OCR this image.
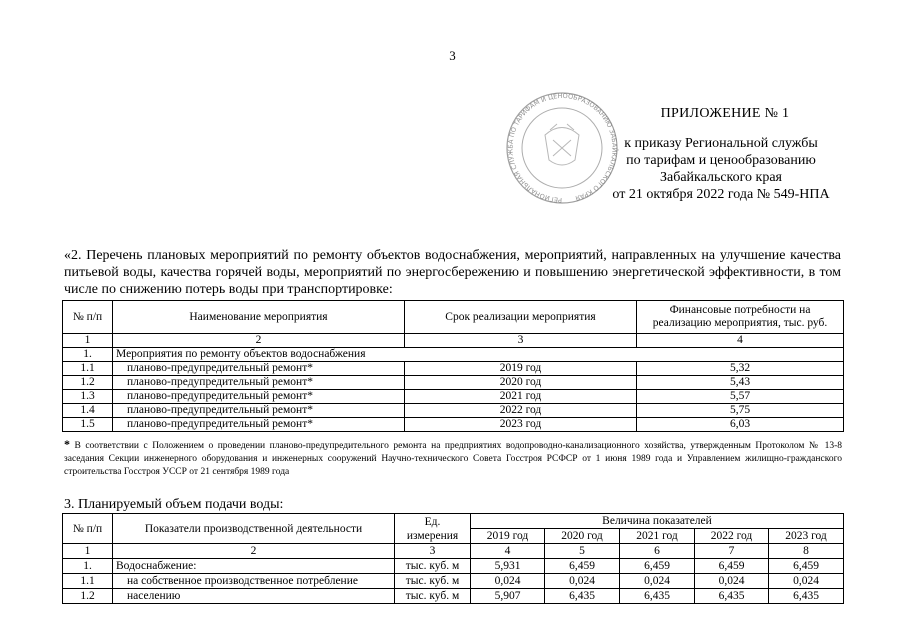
3
РЕГИОНАЛЬНАЯ СЛУЖБА ПО ТАРИФАМ И ЦЕНООБРАЗОВАНИЮ ЗАБАЙКАЛЬСКОГО КРАЯ
ПРИЛОЖЕНИЕ № 1
к приказу Региональной службы
по тарифам и ценообразованию
Забайкальского края
от 21 октября 2022 года № 549-НПА
«2. Перечень плановых мероприятий по ремонту объектов водоснабжения, мероприятий, направленных на улучшение качества питьевой воды, качества горячей воды, мероприятий по энергосбережению и повышению энергетической эффективности, в том числе по снижению потерь воды при транспортировке:
№ п/п	Наименование мероприятия	Срок реализации мероприятия	Финансовые потребности на реализацию мероприятия, тыс. руб.
1	2	3	4
1.	Мероприятия по ремонту объектов водоснабжения		
1.1	планово-предупредительный ремонт*	2019 год	5,32
1.2	планово-предупредительный ремонт*	2020 год	5,43
1.3	планово-предупредительный ремонт*	2021 год	5,57
1.4	планово-предупредительный ремонт*	2022 год	5,75
1.5	планово-предупредительный ремонт*	2023 год	6,03
* В соответствии с Положением о проведении планово-предупредительного ремонта на предприятиях водопроводно-канализационного хозяйства, утвержденным Протоколом № 13-8 заседания Секции инженерного оборудования и инженерных сооружений Научно-технического Совета Госстроя РСФСР от 1 июня 1989 года и Управлением жилищно-гражданского строительства Госстроя УССР от 21 сентября 1989 года
3. Планируемый объем подачи воды:
№ п/п	Показатели производственной деятельности	Ед. измерения	Величина показателей				
			2019 год	2020 год	2021 год	2022 год	2023 год
1	2	3	4	5	6	7	8
1.	Водоснабжение:	тыс. куб. м	5,931	6,459	6,459	6,459	6,459
1.1	на собственное производственное потребление	тыс. куб. м	0,024	0,024	0,024	0,024	0,024
1.2	населению	тыс. куб. м	5,907	6,435	6,435	6,435	6,435
